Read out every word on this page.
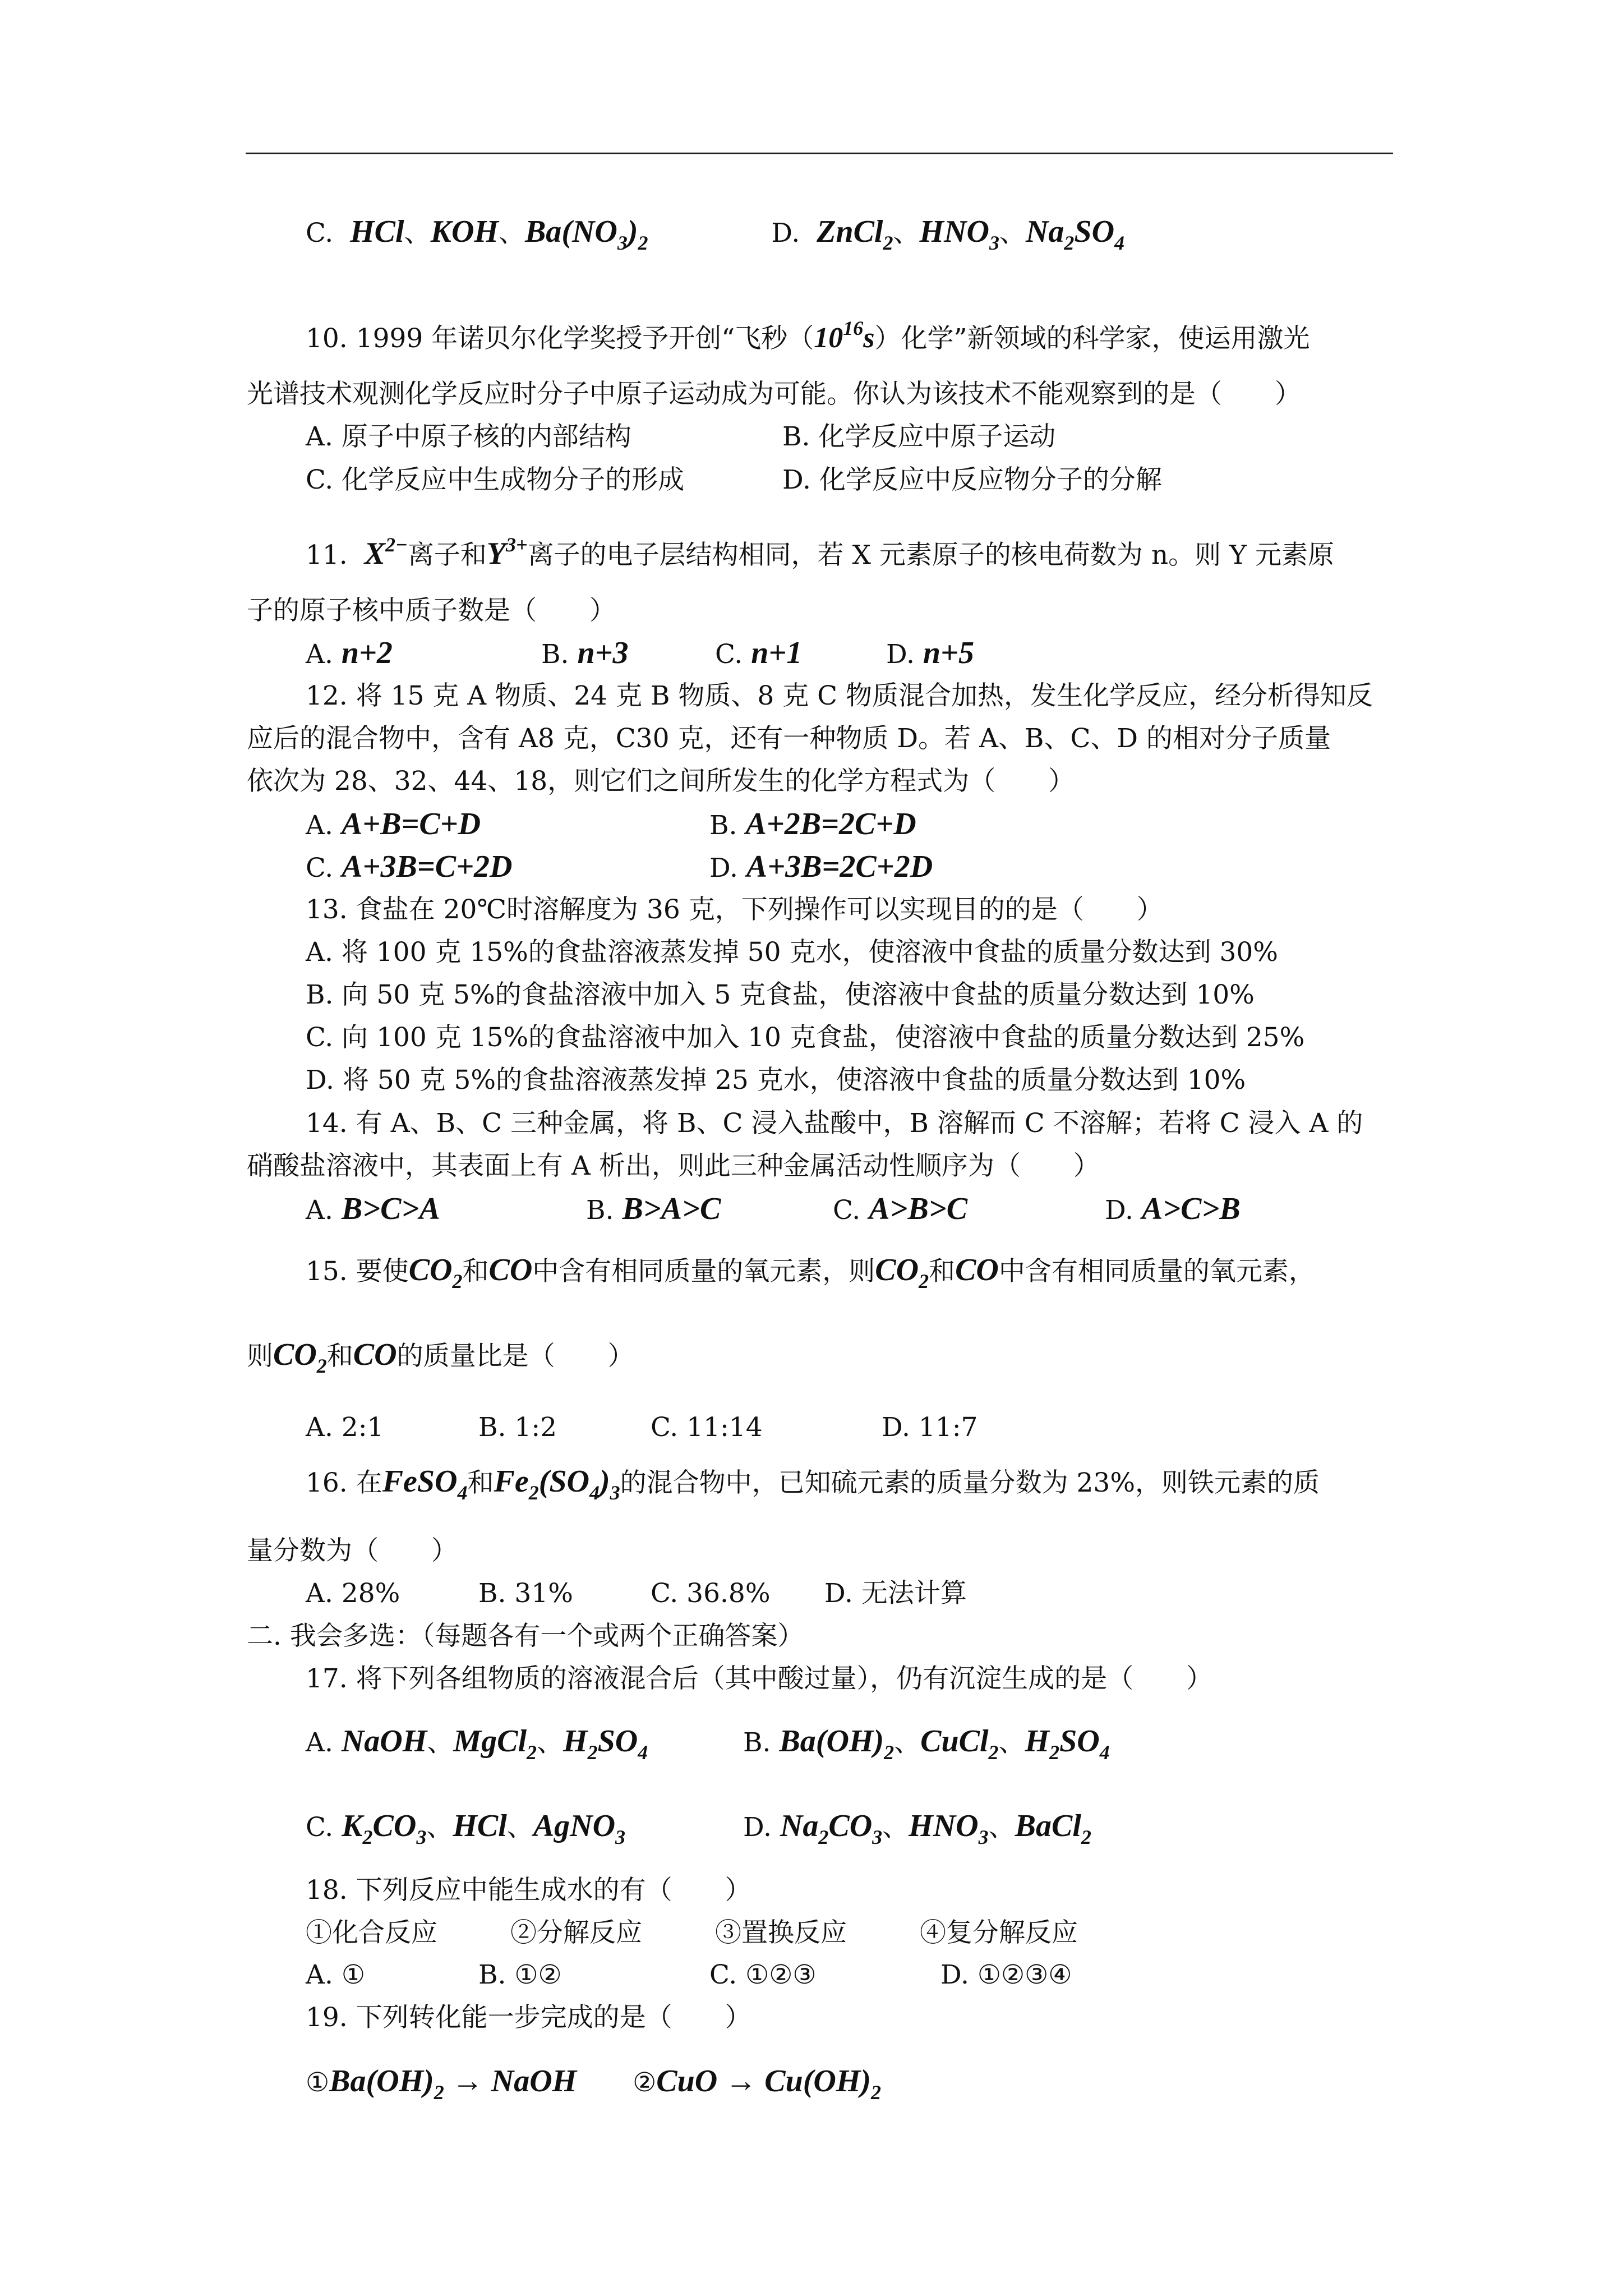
C. HCl、KOH、$Ba(NO_3)_2$	D. ZnCl$_2$、$HNO_3$、$Na_2SO_4$
10. 1999 年诺贝尔化学奖授予开创“飞秒$(10^{16}s)$化学”新领域的科学家，使运用激光
光谱技术观测化学反应时分子中原子运动成为可能。你认为该技术不能观察到的是（　　）
A. 原子中原子核的内部结构	B. 化学反应中原子运动
C. 化学反应中生成物分子的形成	D. 化学反应中反应物分子的分解
11. $X^{2-}$离子和$Y^{3+}$离子的电子层结构相同，若 X 元素原子的核电荷数为 n。则 Y 元素原
子的原子核中质子数是（　　）
A. n+2	B. n+3	C. n+1	D. n+5
12. 将 15 克 A 物质、24 克 B 物质、8 克 C 物质混合加热，发生化学反应，经分析得知反
应后的混合物中，含有 A8 克，C30 克，还有一种物质 D。若 A、B、C、D 的相对分子质量
依次为 28、32、44、18，则它们之间所发生的化学方程式为（　　）
A. A+B=C+D	B. A+2B=2C+D
C. A+3B=C+2D	D. A+3B=2C+2D
13. 食盐在 20℃时溶解度为 36 克，下列操作可以实现目的的是（　　）
A. 将 100 克 15%的食盐溶液蒸发掉 50 克水，使溶液中食盐的质量分数达到 30%
B. 向 50 克 5%的食盐溶液中加入 5 克食盐，使溶液中食盐的质量分数达到 10%
C. 向 100 克 15%的食盐溶液中加入 10 克食盐，使溶液中食盐的质量分数达到 25%
D. 将 50 克 5%的食盐溶液蒸发掉 25 克水，使溶液中食盐的质量分数达到 10%
14. 有 A、B、C 三种金属，将 B、C 浸入盐酸中，B 溶解而 C 不溶解；若将 C 浸入 A 的
硝酸盐溶液中，其表面上有 A 析出，则此三种金属活动性顺序为（　　）
A. B>C>A	B. B>A>C	C. A>B>C	D. A>C>B
15. 要使$CO_2$和CO中含有相同质量的氧元素，则$CO_2$和CO中含有相同质量的氧元素，
则$CO_2$和CO的质量比是（　　）
A. 2:1	B. 1:2	C. 11:14	D. 11:7
16. 在FeSO$_4$和$Fe_2(SO_4)_3$的混合物中，已知硫元素的质量分数为 23%，则铁元素的质
量分数为（　　）
A. 28%	B. 31%	C. 36.8% D. 无法计算
二. 我会多选：（每题各有一个或两个正确答案）
17. 将下列各组物质的溶液混合后（其中酸过量），仍有沉淀生成的是（　　）
A. NaOH、MgCl$_2$、$H_2SO_4$	B. $Ba(OH)_2$、CuCl$_2$、$H_2SO_4$
C. $K_2CO_3$、HCl、AgNO$_3$	D. $Na_2CO_3$、$HNO_3$、BaCl$_2$
18. 下列反应中能生成水的有（　　）
①化合反应	②分解反应	③置换反应	④复分解反应
A. ①	B. ①②	C. ①②③	D. ①②③④
19. 下列转化能一步完成的是（　　）
$①Ba(OH)_2$ → NaOH ②CuO → $Cu(OH)_2$
